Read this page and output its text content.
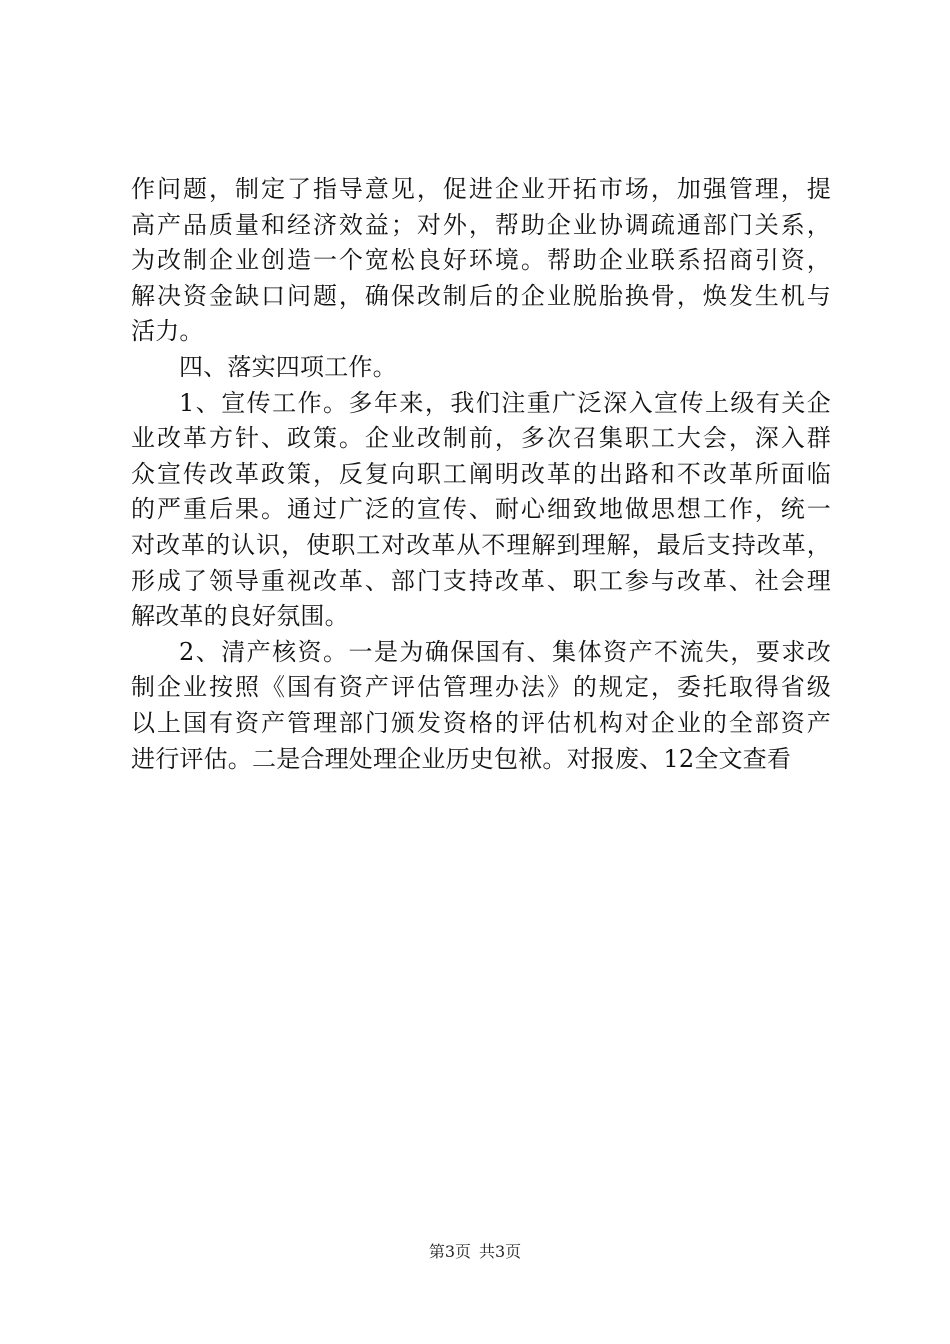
作问题，制定了指导意见，促进企业开拓市场，加强管理，提
高产品质量和经济效益；对外，帮助企业协调疏通部门关系，
为改制企业创造一个宽松良好环境。帮助企业联系招商引资，
解决资金缺口问题，确保改制后的企业脱胎换骨，焕发生机与
活力。
四、落实四项工作。
1、宣传工作。多年来，我们注重广泛深入宣传上级有关企
业改革方针、政策。企业改制前，多次召集职工大会，深入群
众宣传改革政策，反复向职工阐明改革的出路和不改革所面临
的严重后果。通过广泛的宣传、耐心细致地做思想工作，统一
对改革的认识，使职工对改革从不理解到理解，最后支持改革，
形成了领导重视改革、部门支持改革、职工参与改革、社会理
解改革的良好氛围。
2、清产核资。一是为确保国有、集体资产不流失，要求改
制企业按照《国有资产评估管理办法》的规定，委托取得省级
以上国有资产管理部门颁发资格的评估机构对企业的全部资产
进行评估。二是合理处理企业历史包袱。对报废、12全文查看
第3页 共3页
